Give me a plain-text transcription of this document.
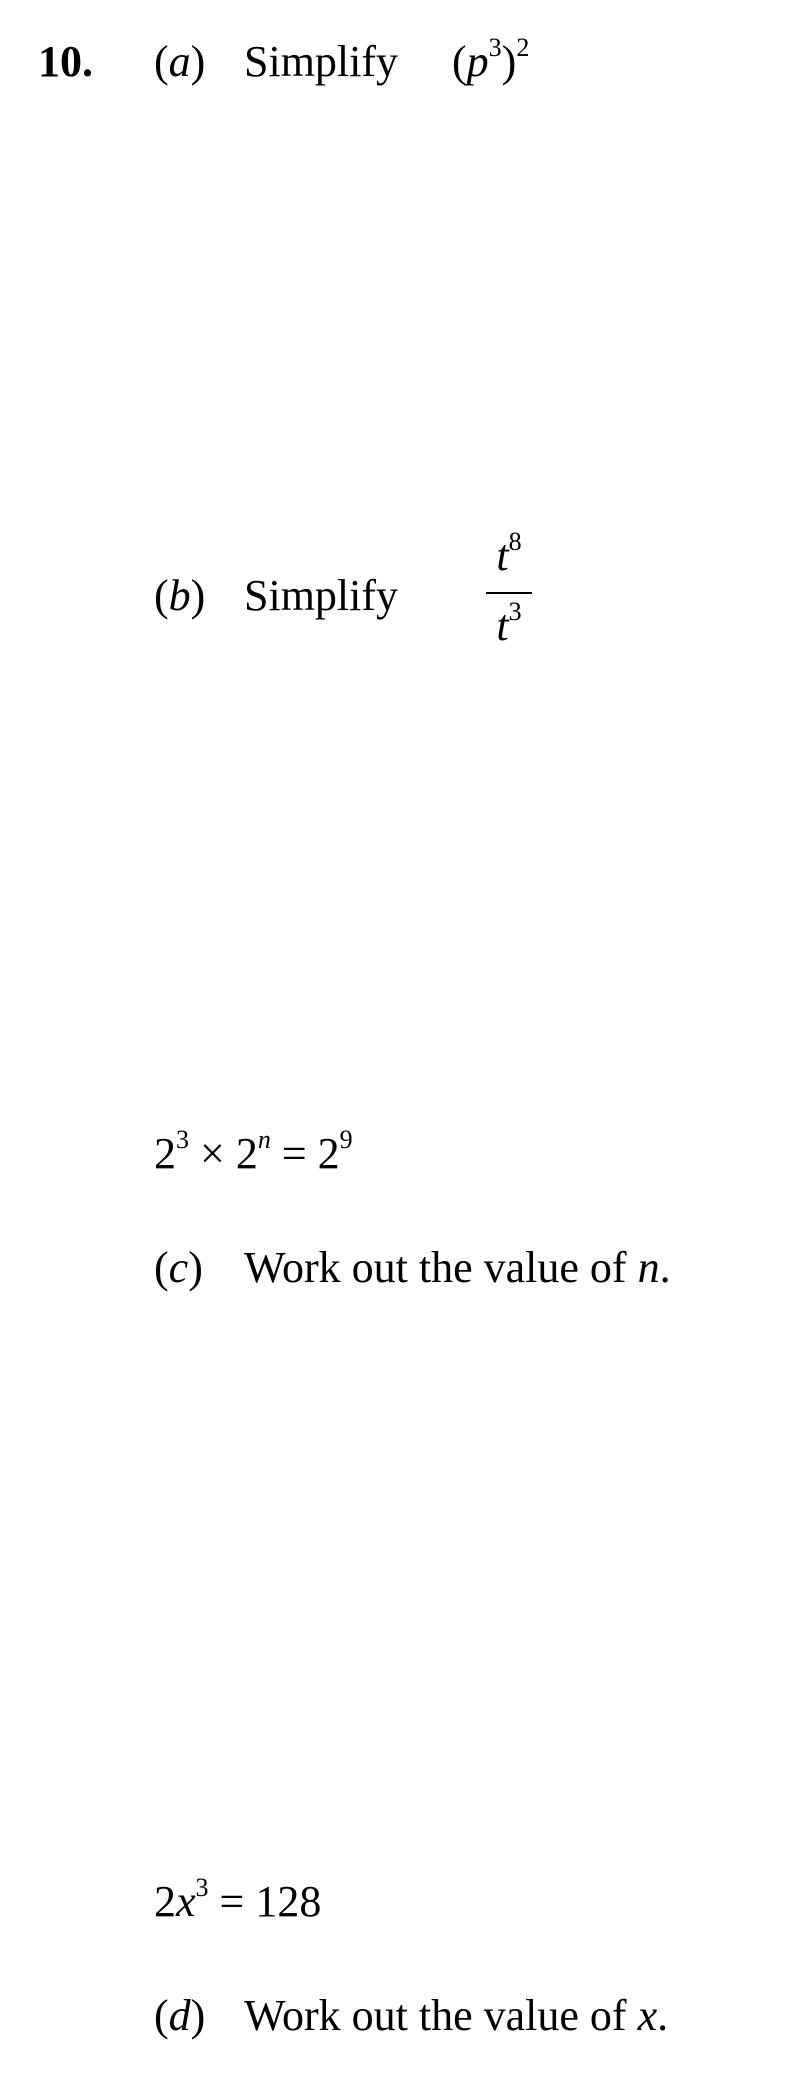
10. (a) Simplify $(p^3)^2$
(b) Simplify
$t^8$
$t^3$
$2^3 \times 2^n = 2^9$
(c) Work out the value of n.
$2x^3 = 128$
(d) Work out the value of x.
